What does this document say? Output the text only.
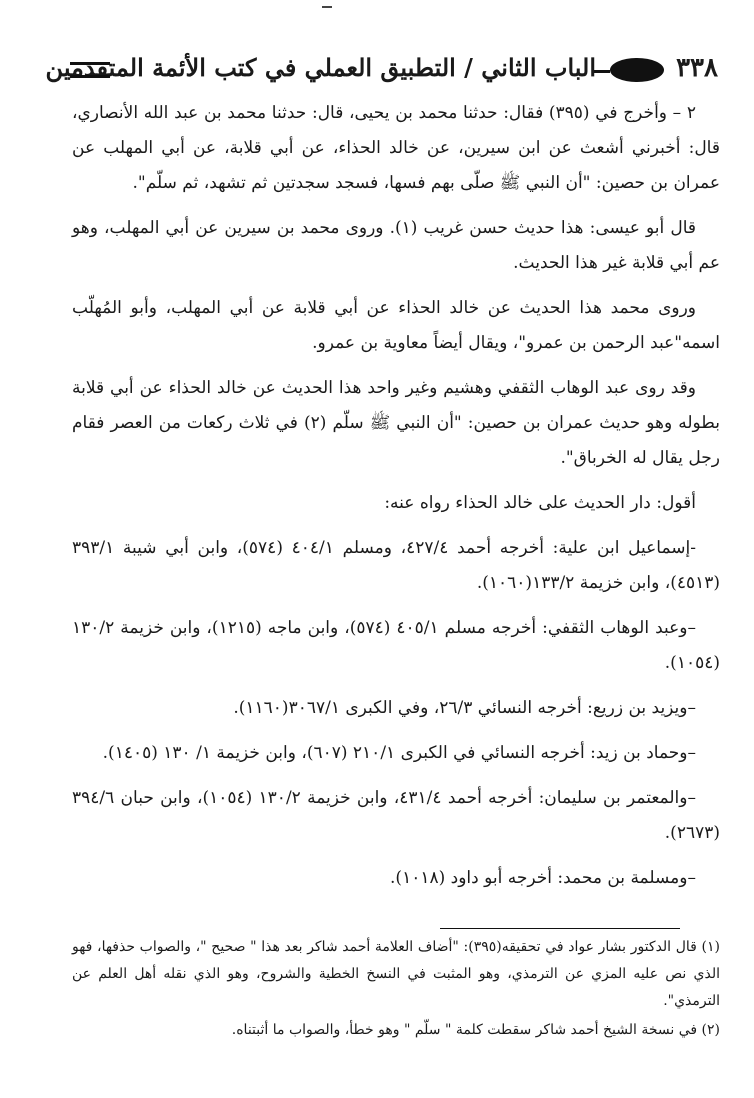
٣٣٨
الباب الثاني / التطبيق العملي في كتب الأئمة المتقدمين

٢ – وأخرج في (٣٩٥) فقال: حدثنا محمد بن يحيى، قال: حدثنا محمد بن عبد الله الأنصاري، قال: أخبرني أشعث عن ابن سيرين، عن خالد الحذاء، عن أبي قلابة، عن أبي المهلب عن عمران بن حصين: "أن النبي ﷺ صلّى بهم فسها، فسجد سجدتين ثم تشهد، ثم سلّم".

قال أبو عيسى: هذا حديث حسن غريب (١). وروى محمد بن سيرين عن أبي المهلب، وهو عم أبي قلابة غير هذا الحديث.

وروى محمد هذا الحديث عن خالد الحذاء عن أبي قلابة عن أبي المهلب، وأبو المُهلّب اسمه"عبد الرحمن بن عمرو"، ويقال أيضاً معاوية بن عمرو.

وقد روى عبد الوهاب الثقفي وهشيم وغير واحد هذا الحديث عن خالد الحذاء عن أبي قلابة بطوله وهو حديث عمران بن حصين: "أن النبي ﷺ سلّم (٢) في ثلاث ركعات من العصر فقام رجل يقال له الخرباق".

أقول: دار الحديث على خالد الحذاء رواه عنه:

-إسماعيل ابن علية: أخرجه أحمد ٤٢٧/٤، ومسلم ٤٠٤/١ (٥٧٤)، وابن أبي شيبة ٣٩٣/١ (٤٥١٣)، وابن خزيمة ١٣٣/٢(١٠٦٠).

–وعبد الوهاب الثقفي: أخرجه مسلم ٤٠٥/١ (٥٧٤)، وابن ماجه (١٢١٥)، وابن خزيمة ١٣٠/٢ (١٠٥٤).

–ويزيد بن زريع: أخرجه النسائي ٢٦/٣، وفي الكبرى ٣٠٦٧/١(١١٦٠).

–وحماد بن زيد: أخرجه النسائي في الكبرى ٢١٠/١ (٦٠٧)، وابن خزيمة ١/ ١٣٠ (١٤٠٥).

–والمعتمر بن سليمان: أخرجه أحمد ٤٣١/٤، وابن خزيمة ١٣٠/٢ (١٠٥٤)، وابن حبان ٣٩٤/٦ (٢٦٧٣).

–ومسلمة بن محمد: أخرجه أبو داود (١٠١٨).

(١) قال الدكتور بشار عواد في تحقيقه(٣٩٥): "أضاف العلامة أحمد شاكر بعد هذا " صحيح "، والصواب حذفها، فهو الذي نص عليه المزي عن الترمذي، وهو المثبت في النسخ الخطية والشروح، وهو الذي نقله أهل العلم عن الترمذي".

(٢) في نسخة الشيخ أحمد شاكر سقطت كلمة " سلّم " وهو خطأ، والصواب ما أثبتناه.
